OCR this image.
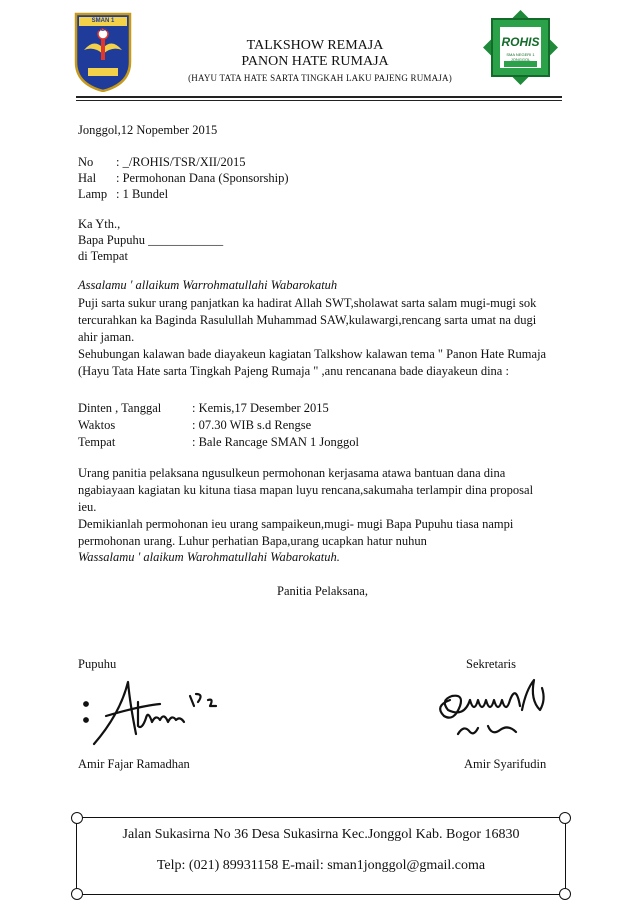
SMAN 1 JONGGOL
ROHIS
SMA NEGERI 1 JONGGOL
TALKSHOW REMAJA
PANON HATE RUMAJA
(HAYU TATA HATE SARTA TINGKAH LAKU PAJENG RUMAJA)
Jonggol,12 Nopember 2015
No : _/ROHIS/TSR/XII/2015
Hal : Permohonan Dana (Sponsorship)
Lamp : 1 Bundel
Ka Yth.,
Bapa Pupuhu ____________
di Tempat
Assalamu ' allaikum Warrohmatullahi Wabarokatuh
Puji sarta sukur urang panjatkan ka hadirat Allah SWT,sholawat sarta salam mugi-mugi sok
tercurahkan ka Baginda Rasulullah Muhammad SAW,kulawargi,rencang sarta umat na dugi
ahir jaman.
Sehubungan kalawan bade diayakeun kagiatan Talkshow kalawan tema " Panon Hate Rumaja
(Hayu Tata Hate sarta Tingkah Pajeng Rumaja " ,anu rencanana bade diayakeun dina :
Dinten , Tanggal : Kemis,17 Desember 2015
Waktos	: 07.30 WIB s.d Rengse
Tempat	: Bale Rancage SMAN 1 Jonggol
Urang panitia pelaksana ngusulkeun permohonan kerjasama atawa bantuan dana dina
ngabiayaan kagiatan ku kituna tiasa mapan luyu rencana,sakumaha terlampir dina proposal
ieu.
Demikianlah permohonan ieu urang sampaikeun,mugi- mugi Bapa Pupuhu tiasa nampi
permohonan urang. Luhur perhatian Bapa,urang ucapkan hatur nuhun
Wassalamu ' alaikum Warohmatullahi Wabarokatuh.
Panitia Pelaksana,
Pupuhu	Sekretaris
Amir Fajar Ramadhan	Amir Syarifudin
Jalan Sukasirna No 36 Desa Sukasirna Kec.Jonggol Kab. Bogor 16830
Telp: (021) 89931158 E-mail: sman1jonggol@gmail.coma
